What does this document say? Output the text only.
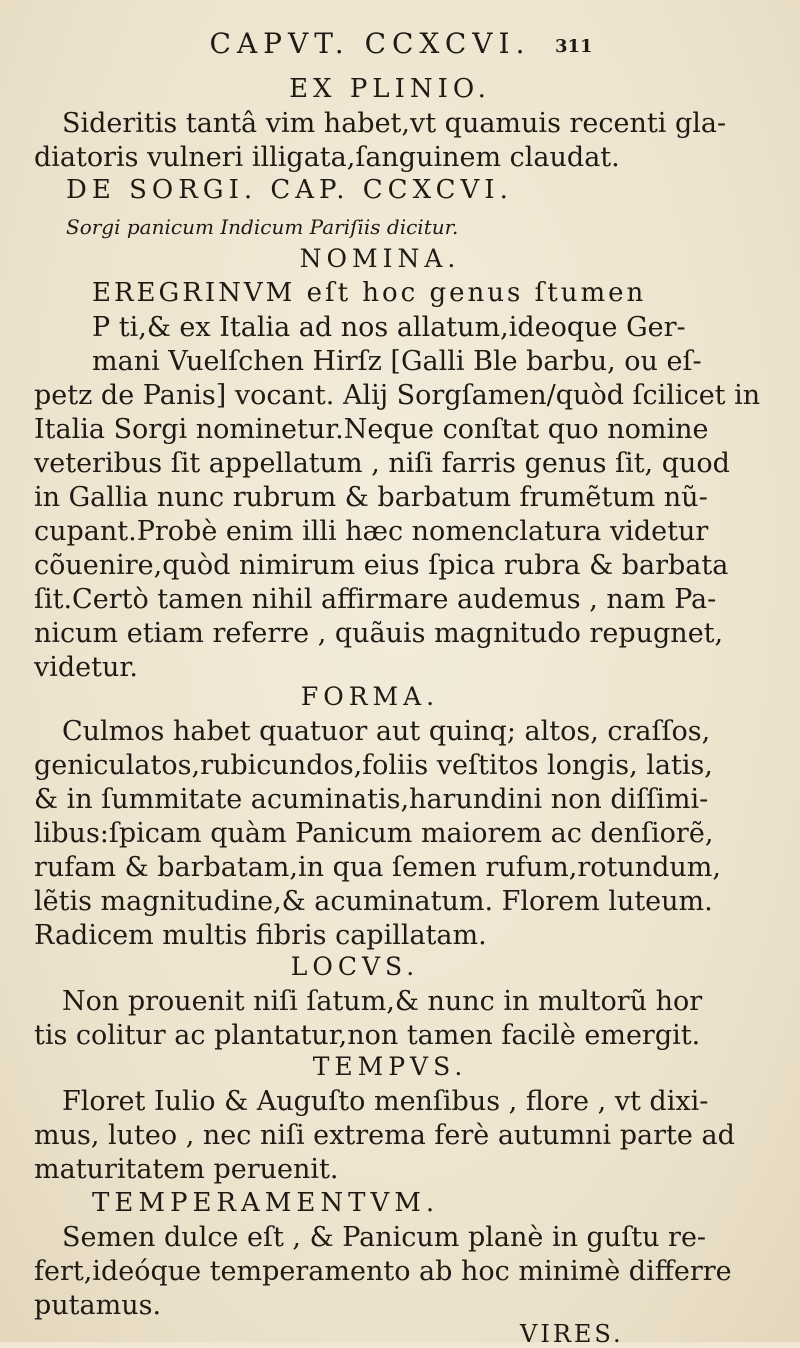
CAPVT. CCXCVI.	311
EX PLINIO.
Sideritis tantâ vim habet,vt quamuis recenti gla-
diatoris vulneri illigata,ſanguinem claudat.
DE SORGI. CAP. CCXCVI.
Sorgi panicum Indicum Pariſiis dicitur.
NOMINA.
EREGRINVM eſt hoc genus ſtumen
P ti,& ex Italia ad nos allatum,ideoque Ger-
mani Vuelſchen Hirſz [Galli Ble barbu, ou eſ-
petz de Panis] vocant. Alij Sorgſamen/quòd ſcilicet in
Italia Sorgi nominetur.Neque conſtat quo nomine
veteribus ſit appellatum , niſi farris genus ſit, quod
in Gallia nunc rubrum & barbatum frumẽtum nũ-
cupant.Probè enim illi hæc nomenclatura videtur
cõuenire,quòd nimirum eius ſpica rubra & barbata
ſit.Certò tamen nihil affirmare audemus , nam Pa-
nicum etiam referre , quãuis magnitudo repugnet,
videtur.
FORMA.
Culmos habet quatuor aut quinq; altos, craſſos,
geniculatos,rubicundos,foliis veſtitos longis, latis,
& in ſummitate acuminatis,harundini non diſſimi-
libus:ſpicam quàm Panicum maiorem ac denſiorẽ,
rufam & barbatam,in qua ſemen rufum,rotundum,
lẽtis magnitudine,& acuminatum. Florem luteum.
Radicem multis fibris capillatam.
LOCVS.
Non prouenit niſi ſatum,& nunc in multorũ hor
tis colitur ac plantatur,non tamen facilè emergit.
TEMPVS.
Floret Iulio & Auguſto menſibus , flore , vt dixi-
mus, luteo , nec niſi extrema ferè autumni parte ad
maturitatem peruenit.
TEMPERAMENTVM.
Semen dulce eſt , & Panicum planè in guſtu re-
fert,ideóque temperamento ab hoc minimè differre
putamus.
VIRES.
